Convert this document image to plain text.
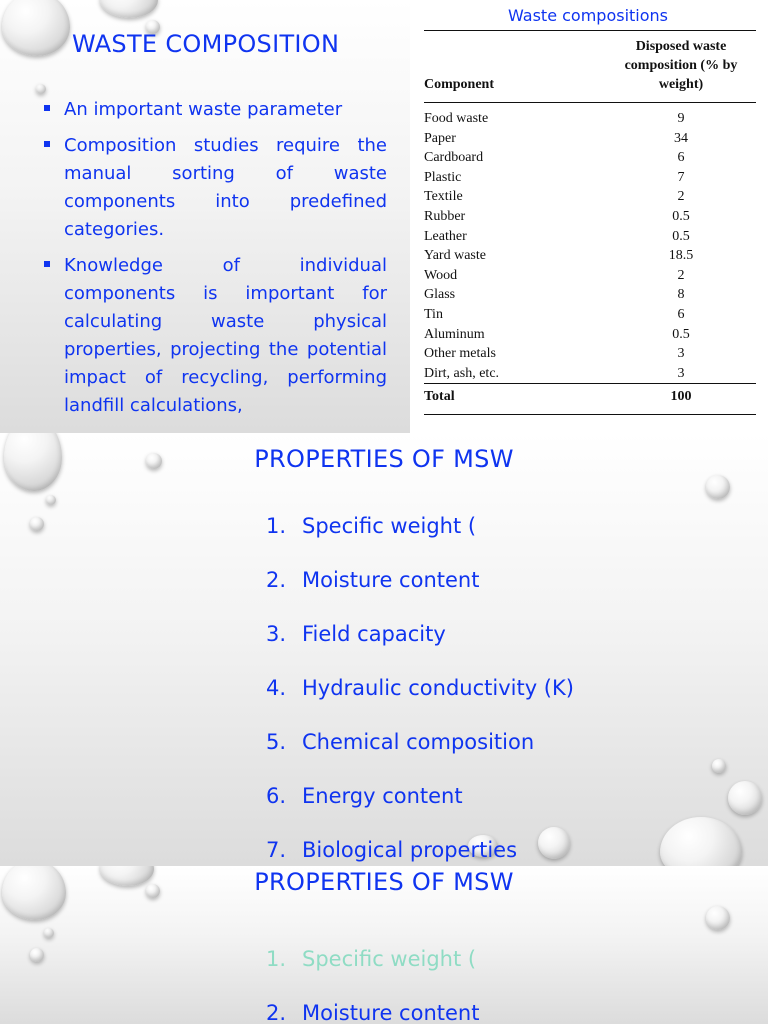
WASTE COMPOSITION
An important waste parameter
Composition studies require the manual sorting of waste components into predefined categories.
Knowledge of individual components is important for calculating waste physical properties, projecting the potential impact of recycling, performing landfill calculations,
Waste compositions
Component	Disposed waste composition (% by weight)
Food waste	9
Paper	34
Cardboard	6
Plastic	7
Textile	2
Rubber	0.5
Leather	0.5
Yard waste	18.5
Wood	2
Glass	8
Tin	6
Aluminum	0.5
Other metals	3
Dirt, ash, etc.	3
Total	100
PROPERTIES OF MSW
1. Specific weight (
2. Moisture content
3. Field capacity
4. Hydraulic conductivity (K)
5. Chemical composition
6. Energy content
7. Biological properties
PROPERTIES OF MSW
1. Specific weight (
2. Moisture content
